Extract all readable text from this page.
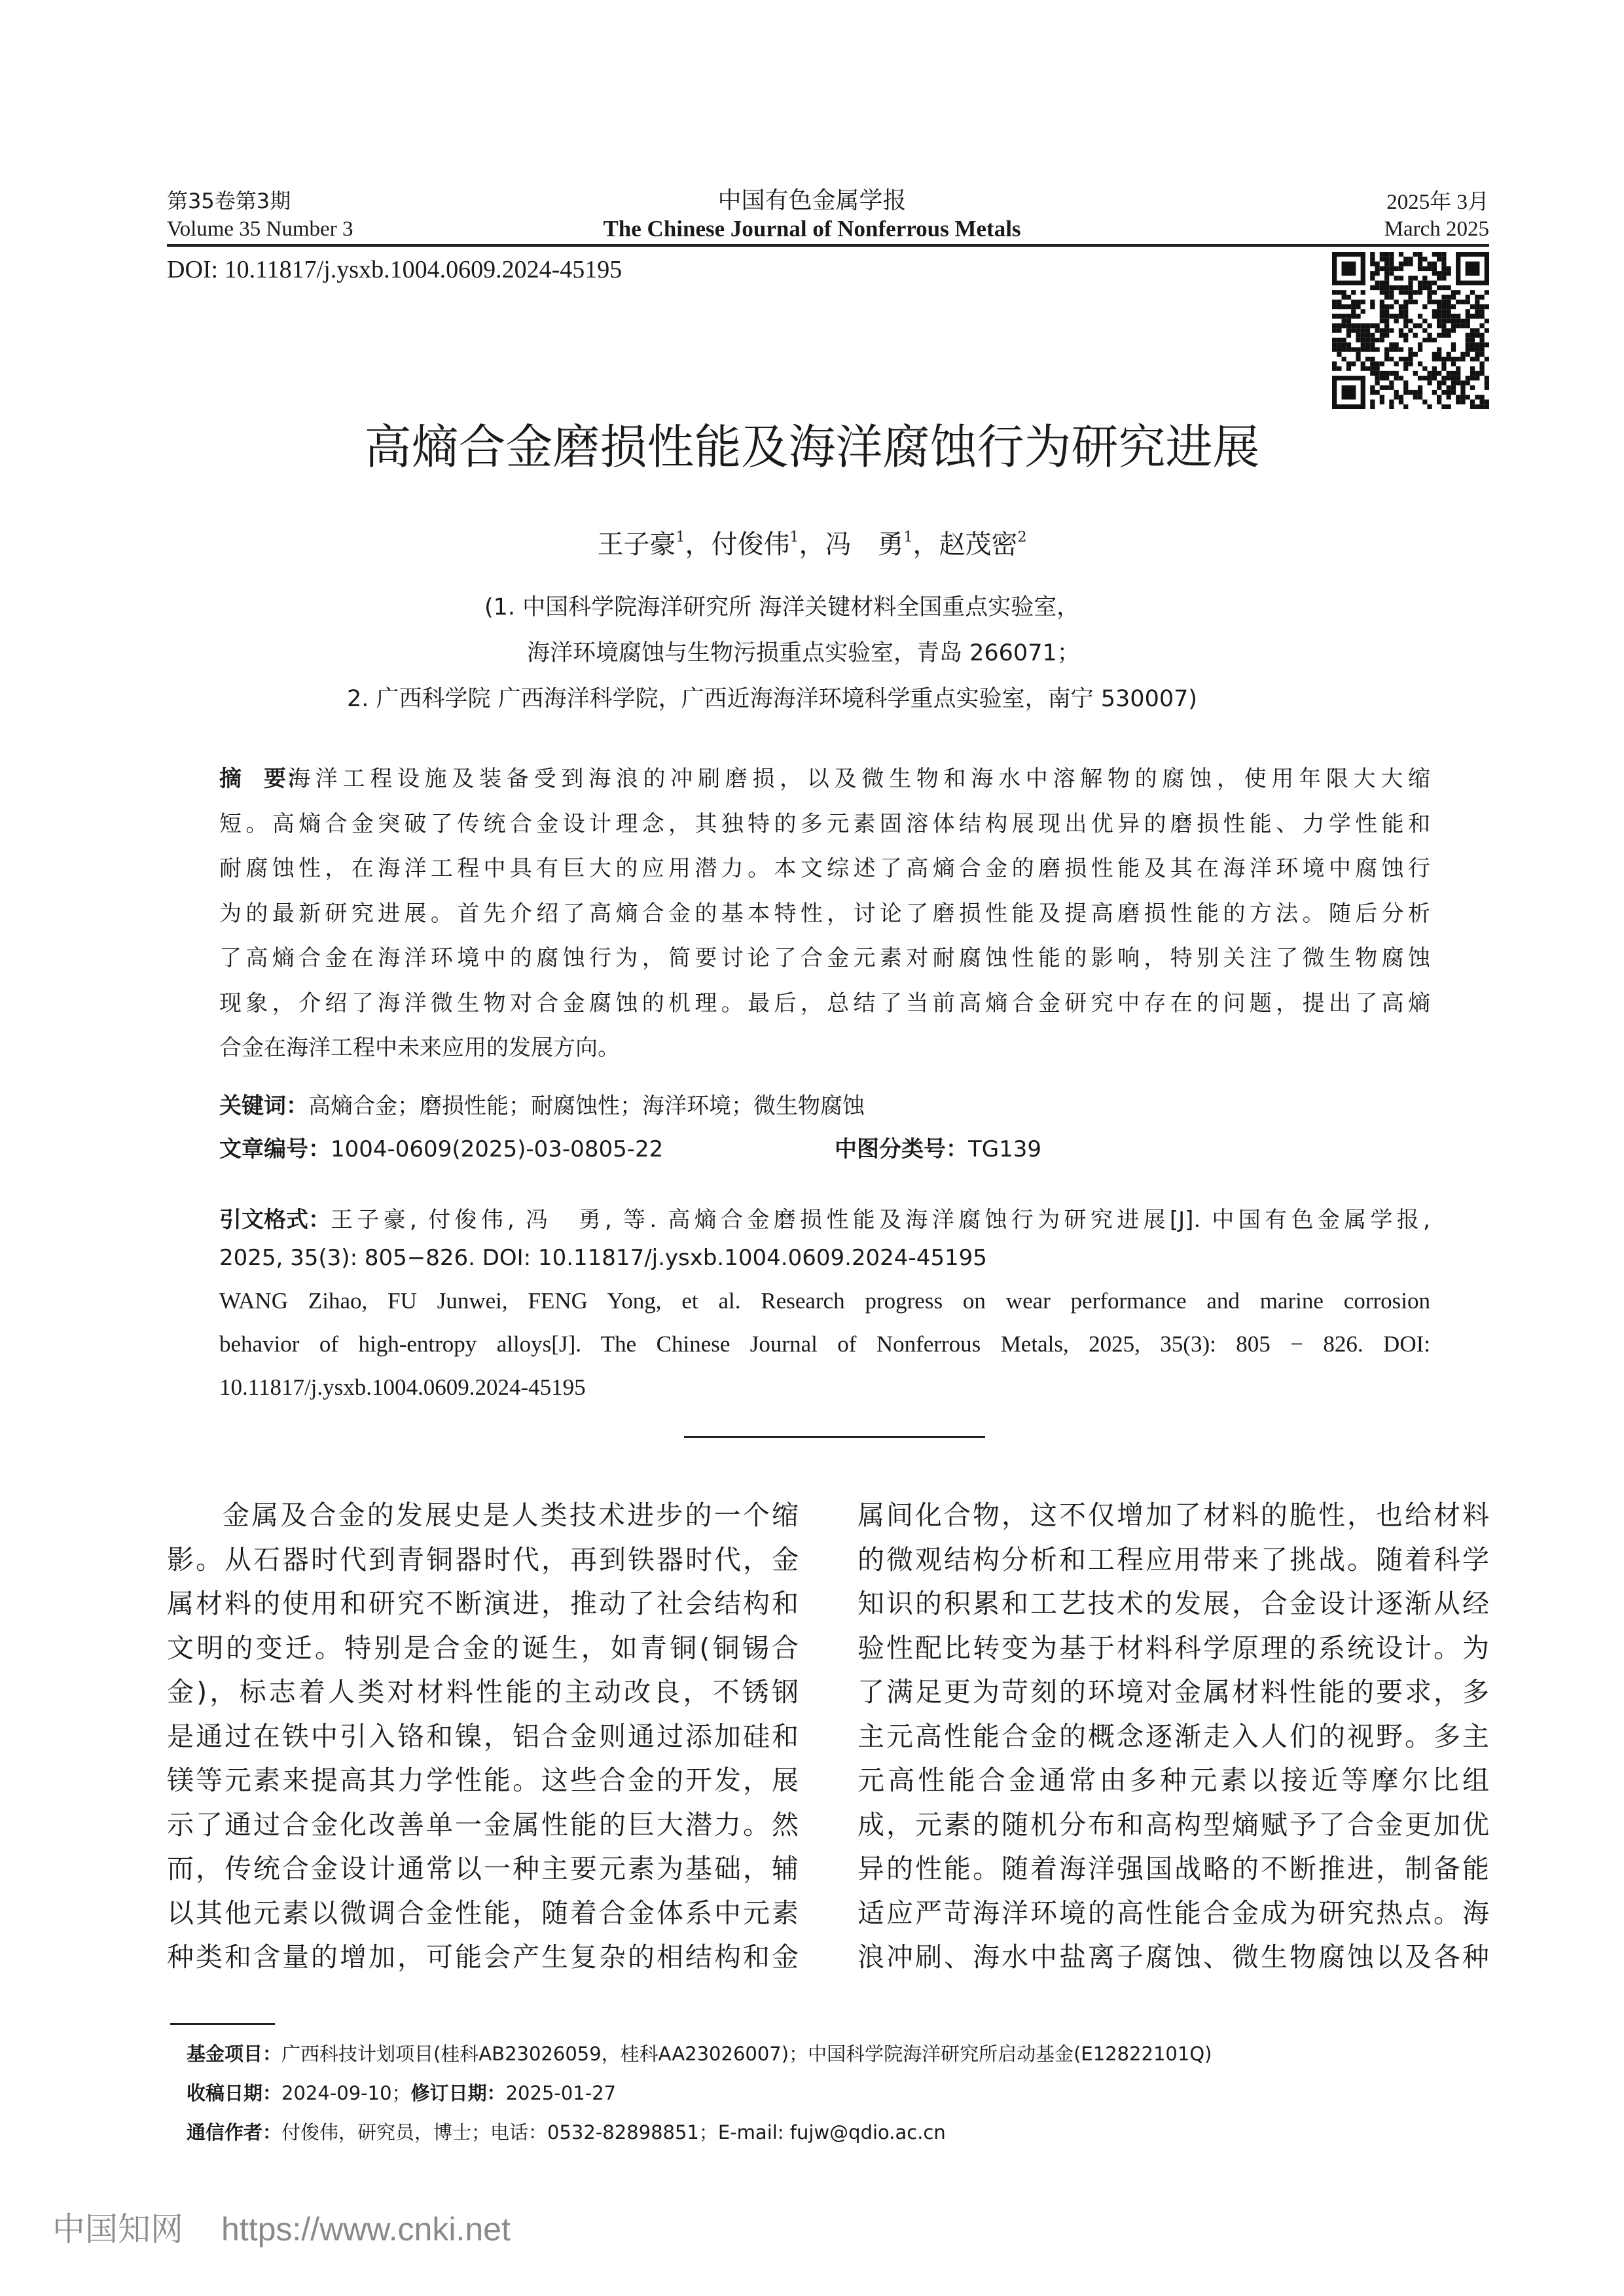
第35卷第3期	中国有色金属学报	2025年 3月
Volume 35 Number 3	The Chinese Journal of Nonferrous Metals	March 2025
DOI: 10.11817/j.ysxb.1004.0609.2024-45195
高熵合金磨损性能及海洋腐蚀行为研究进展
王子豪$^1$，付俊伟$^1$，冯　勇$^1$，赵茂密$^2$
(1. 中国科学院海洋研究所 海洋关键材料全国重点实验室，
海洋环境腐蚀与生物污损重点实验室，青岛 266071；
2. 广西科学院 广西海洋科学院，广西近海海洋环境科学重点实验室，南宁 530007)
摘　要：
海洋工程设施及装备受到海浪的冲刷磨损，以及微生物和海水中溶解物的腐蚀，使用年限大大缩
短。高熵合金突破了传统合金设计理念，其独特的多元素固溶体结构展现出优异的磨损性能、力学性能和
耐腐蚀性，在海洋工程中具有巨大的应用潜力。本文综述了高熵合金的磨损性能及其在海洋环境中腐蚀行
为的最新研究进展。首先介绍了高熵合金的基本特性，讨论了磨损性能及提高磨损性能的方法。随后分析
了高熵合金在海洋环境中的腐蚀行为，简要讨论了合金元素对耐腐蚀性能的影响，特别关注了微生物腐蚀
现象，介绍了海洋微生物对合金腐蚀的机理。最后，总结了当前高熵合金研究中存在的问题，提出了高熵
合金在海洋工程中未来应用的发展方向。
关键词：高熵合金；磨损性能；耐腐蚀性；海洋环境；微生物腐蚀
文章编号：1004-0609(2025)-03-0805-22	中图分类号：TG139
引文格式： 王子豪, 付俊伟, 冯　勇, 等. 高熵合金磨损性能及海洋腐蚀行为研究进展[J]. 中国有色金属学报,
2025, 35(3): 805−826. DOI: 10.11817/j.ysxb.1004.0609.2024-45195
WANG Zihao, FU Junwei, FENG Yong, et al. Research progress on wear performance and marine corrosion
behavior of high-entropy alloys[J]. The Chinese Journal of Nonferrous Metals, 2025, 35(3): 805 − 826. DOI:
10.11817/j.ysxb.1004.0609.2024-45195
金属及合金的发展史是人类技术进步的一个缩
影。从石器时代到青铜器时代，再到铁器时代，金
属材料的使用和研究不断演进，推动了社会结构和
文明的变迁。特别是合金的诞生，如青铜(铜锡合
金)，标志着人类对材料性能的主动改良，不锈钢
是通过在铁中引入铬和镍，铝合金则通过添加硅和
镁等元素来提高其力学性能。这些合金的开发，展
示了通过合金化改善单一金属性能的巨大潜力。然
而，传统合金设计通常以一种主要元素为基础，辅
以其他元素以微调合金性能，随着合金体系中元素
种类和含量的增加，可能会产生复杂的相结构和金
属间化合物，这不仅增加了材料的脆性，也给材料
的微观结构分析和工程应用带来了挑战。随着科学
知识的积累和工艺技术的发展，合金设计逐渐从经
验性配比转变为基于材料科学原理的系统设计。为
了满足更为苛刻的环境对金属材料性能的要求，多
主元高性能合金的概念逐渐走入人们的视野。多主
元高性能合金通常由多种元素以接近等摩尔比组
成，元素的随机分布和高构型熵赋予了合金更加优
异的性能。随着海洋强国战略的不断推进，制备能
适应严苛海洋环境的高性能合金成为研究热点。海
浪冲刷、海水中盐离子腐蚀、微生物腐蚀以及各种
基金项目：广西科技计划项目(桂科AB23026059，桂科AA23026007)；中国科学院海洋研究所启动基金(E12822101Q)
收稿日期：2024-09-10；修订日期：2025-01-27
通信作者：付俊伟，研究员，博士；电话：0532-82898851；E-mail: fujw@qdio.ac.cn
中国知网 https://www.cnki.net
